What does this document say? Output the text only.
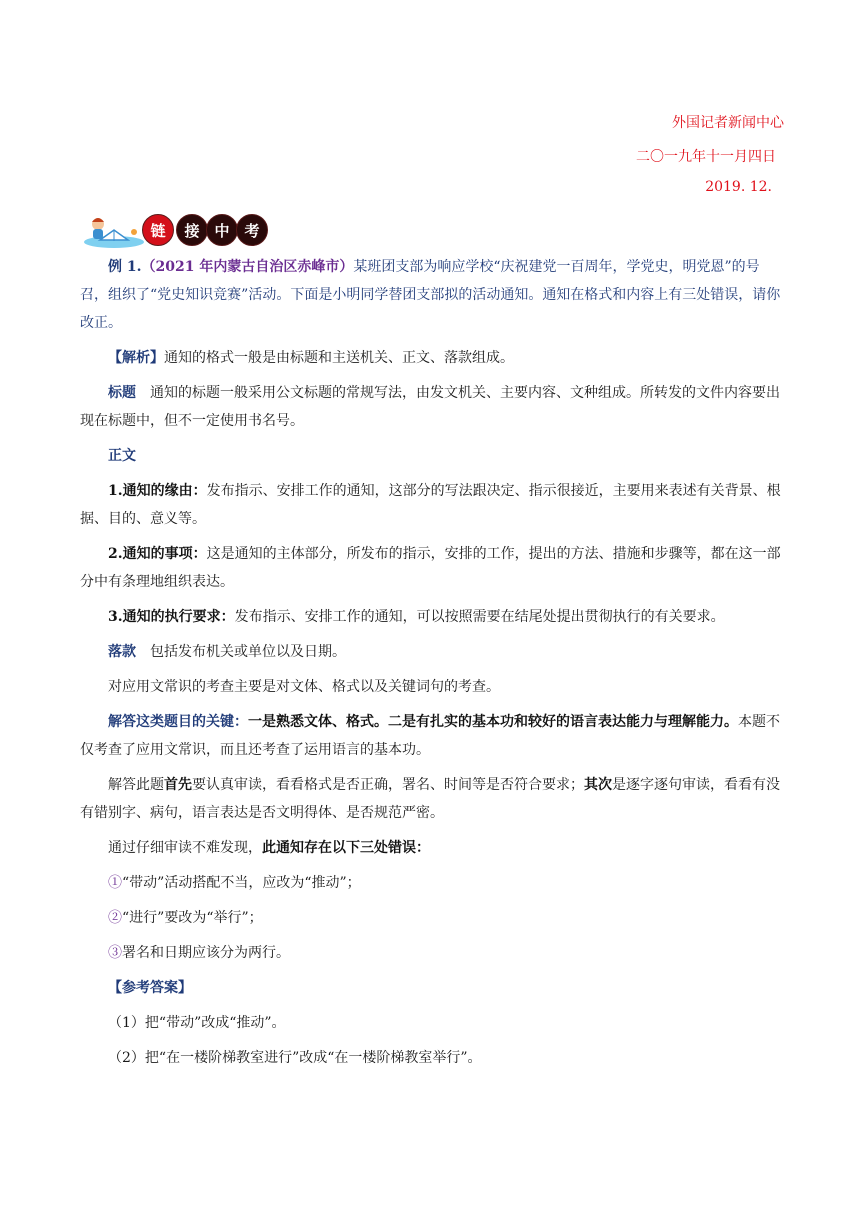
外国记者新闻中心
二〇一九年十一月四日
2019. 12.
链	接 中 考

例 1.（2021 年内蒙古自治区赤峰市）某班团支部为响应学校“庆祝建党一百周年，学党史，明党恩”的号召，组织了“党史知识竞赛”活动。下面是小明同学替团支部拟的活动通知。通知在格式和内容上有三处错误，请你改正。

【解析】通知的格式一般是由标题和主送机关、正文、落款组成。

标题　通知的标题一般采用公文标题的常规写法，由发文机关、主要内容、文种组成。所转发的文件内容要出现在标题中，但不一定使用书名号。

正文

1.通知的缘由：发布指示、安排工作的通知，这部分的写法跟决定、指示很接近，主要用来表述有关背景、根据、目的、意义等。

2.通知的事项：这是通知的主体部分，所发布的指示，安排的工作，提出的方法、措施和步骤等，都在这一部分中有条理地组织表达。

3.通知的执行要求：发布指示、安排工作的通知，可以按照需要在结尾处提出贯彻执行的有关要求。

落款　包括发布机关或单位以及日期。

对应用文常识的考查主要是对文体、格式以及关键词句的考查。

解答这类题目的关键：一是熟悉文体、格式。二是有扎实的基本功和较好的语言表达能力与理解能力。本题不仅考查了应用文常识，而且还考查了运用语言的基本功。

解答此题首先要认真审读，看看格式是否正确，署名、时间等是否符合要求；其次是逐字逐句审读，看看有没有错别字、病句，语言表达是否文明得体、是否规范严密。

通过仔细审读不难发现，此通知存在以下三处错误：

①“带动”活动搭配不当，应改为“推动”；

②“进行”要改为“举行”；

③署名和日期应该分为两行。

【参考答案】

（1）把“带动”改成“推动”。

（2）把“在一楼阶梯教室进行”改成“在一楼阶梯教室举行”。
